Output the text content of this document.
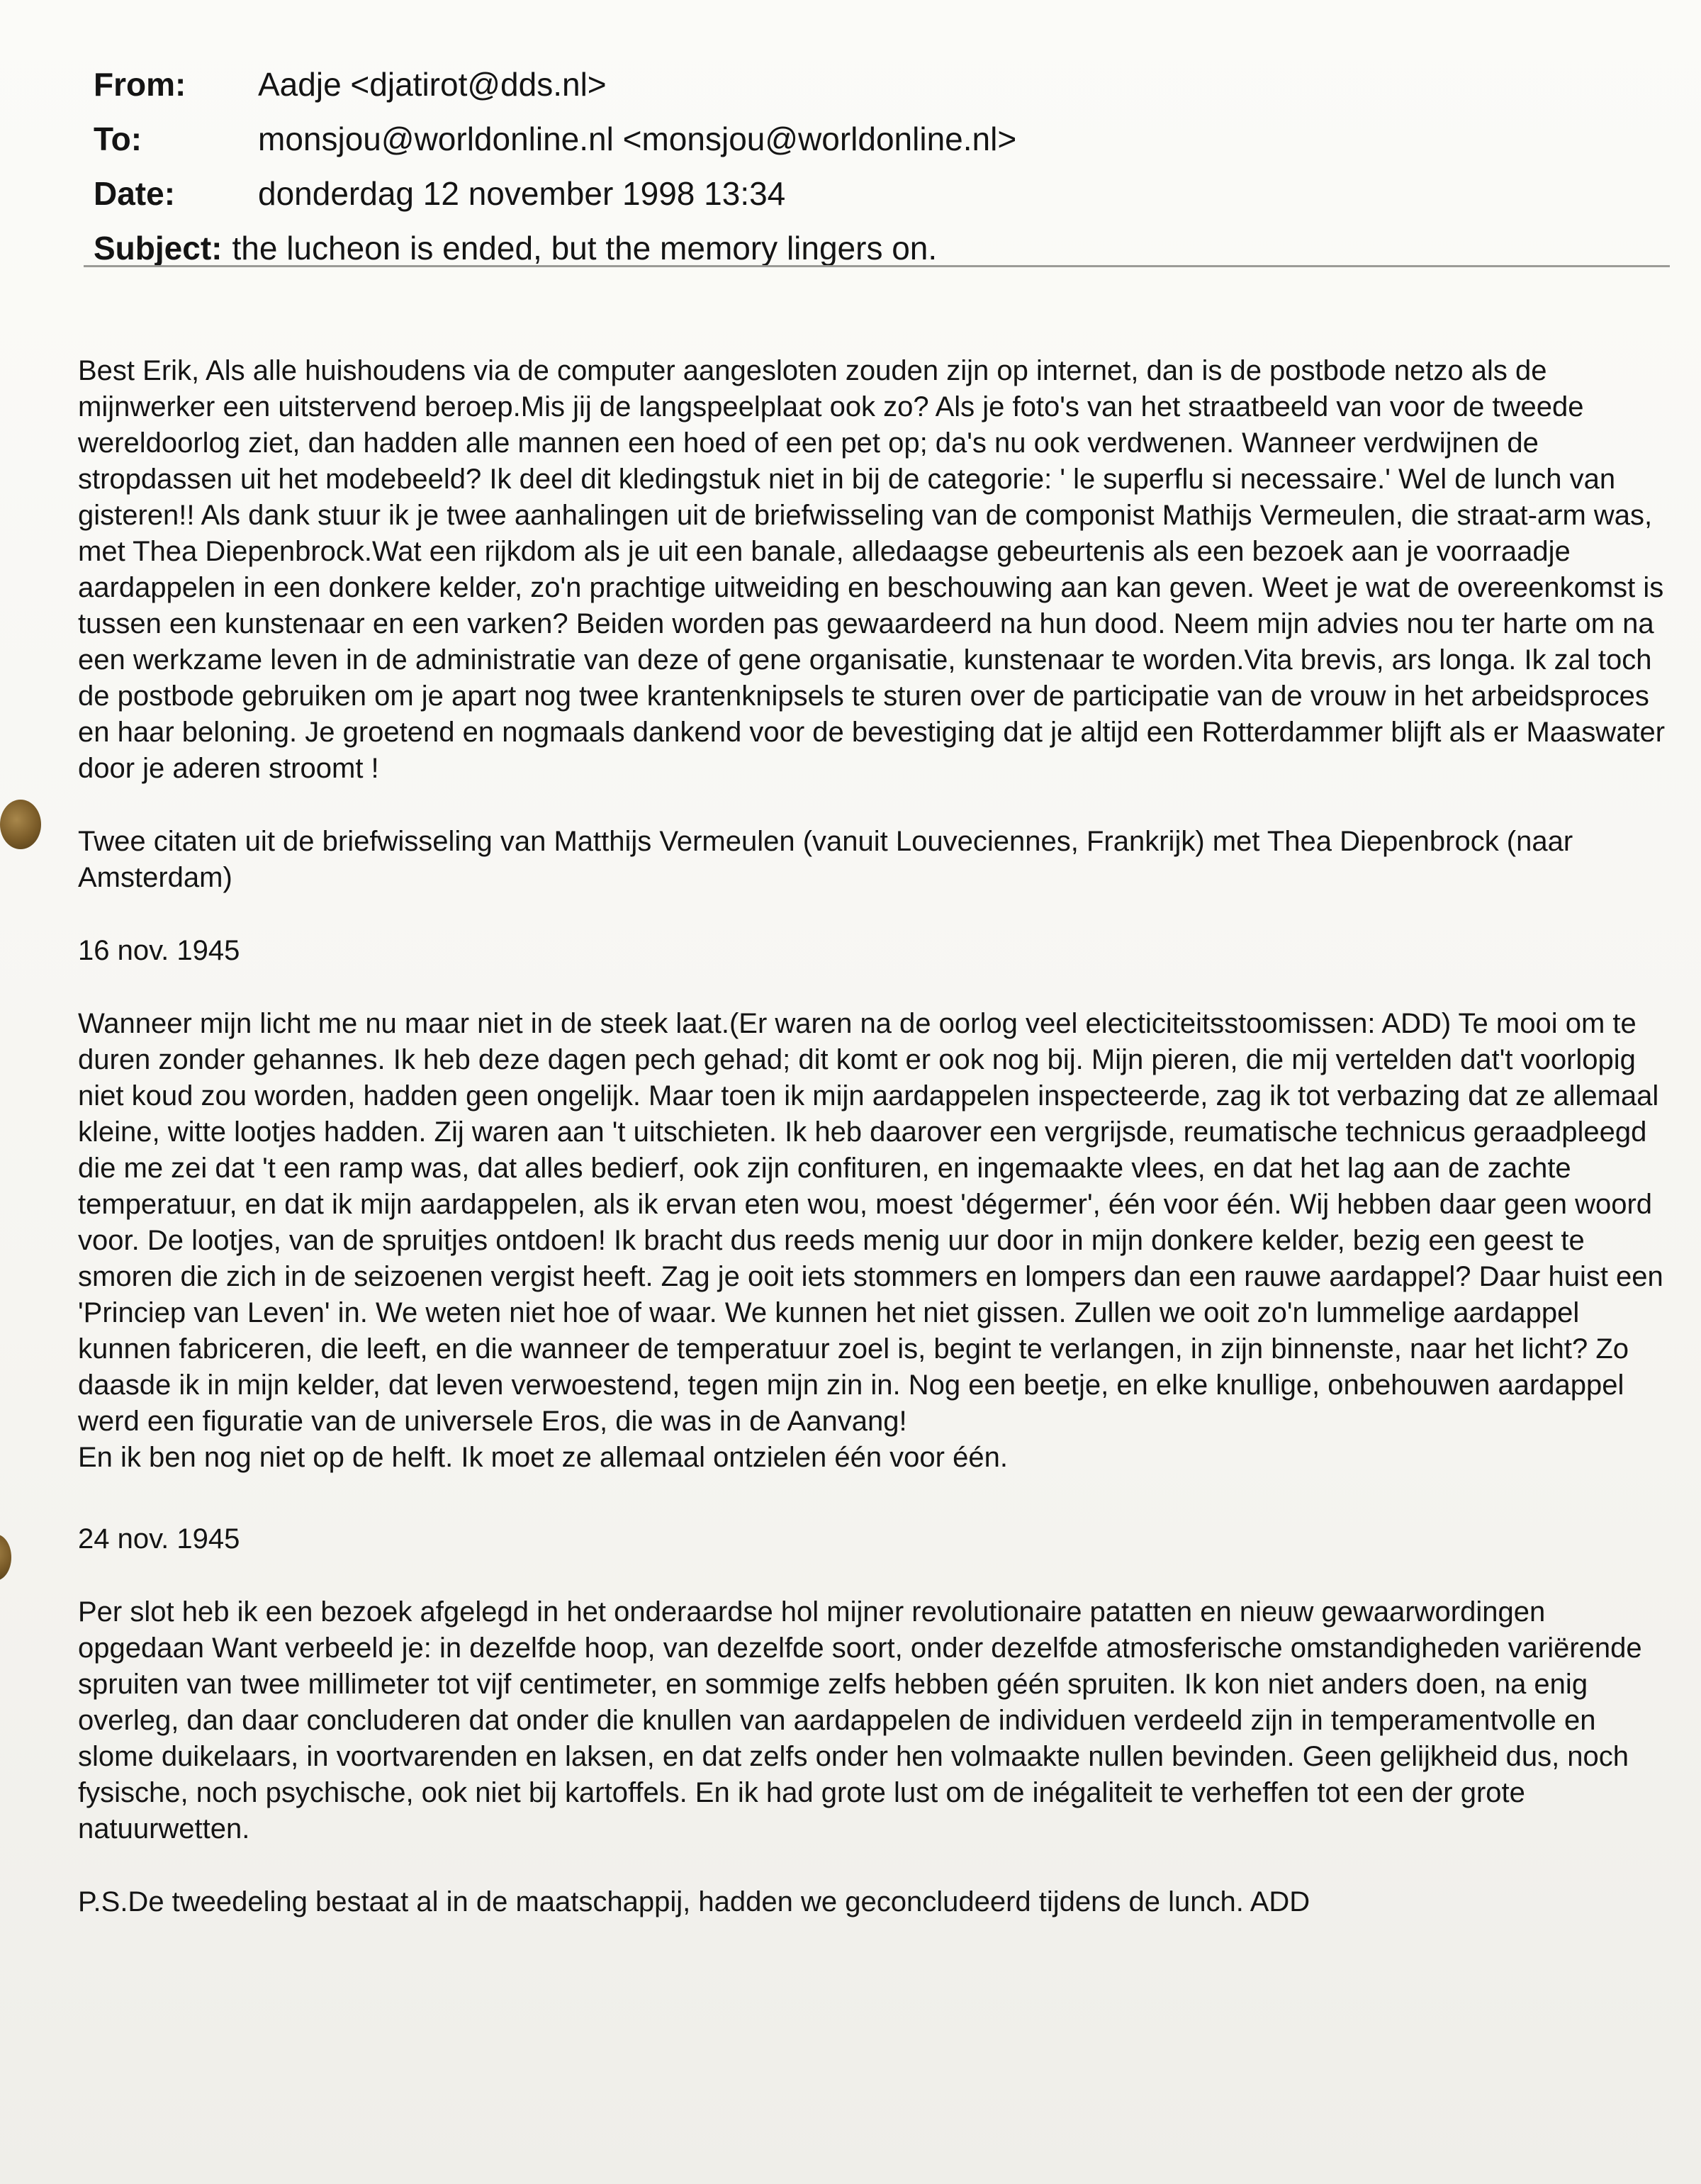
From:	Aadje <djatirot@dds.nl>
To:	monsjou@worldonline.nl <monsjou@worldonline.nl>
Date:	donderdag 12 november 1998 13:34
Subject: the lucheon is ended, but the memory lingers on.

Best Erik, Als alle huishoudens via de computer aangesloten zouden zijn op internet, dan is de postbode netzo als de mijnwerker een uitstervend beroep.Mis jij de langspeelplaat ook zo? Als je foto's van het straatbeeld van voor de tweede wereldoorlog ziet, dan hadden alle mannen een hoed of een pet op; da's nu ook verdwenen. Wanneer verdwijnen de stropdassen uit het modebeeld? Ik deel dit kledingstuk niet in bij de categorie: ' le superflu si necessaire.' Wel de lunch van gisteren!! Als dank stuur ik je twee aanhalingen uit de briefwisseling van de componist Mathijs Vermeulen, die straat-arm was, met Thea Diepenbrock.Wat een rijkdom als je uit een banale, alledaagse gebeurtenis als een bezoek aan je voorraadje aardappelen in een donkere kelder, zo'n prachtige uitweiding en beschouwing aan kan geven. Weet je wat de overeenkomst is tussen een kunstenaar en een varken? Beiden worden pas gewaardeerd na hun dood. Neem mijn advies nou ter harte om na een werkzame leven in de administratie van deze of gene organisatie, kunstenaar te worden.Vita brevis, ars longa. Ik zal toch de postbode gebruiken om je apart nog twee krantenknipsels te sturen over de participatie van de vrouw in het arbeidsproces en haar beloning. Je groetend en nogmaals dankend voor de bevestiging dat je altijd een Rotterdammer blijft als er Maaswater door je aderen stroomt !

Twee citaten uit de briefwisseling van Matthijs Vermeulen (vanuit Louveciennes, Frankrijk) met Thea Diepenbrock (naar Amsterdam)

16 nov. 1945

Wanneer mijn licht me nu maar niet in de steek laat.(Er waren na de oorlog veel electiciteitsstoomissen: ADD) Te mooi om te duren zonder gehannes. Ik heb deze dagen pech gehad; dit komt er ook nog bij. Mijn pieren, die mij vertelden dat't voorlopig niet koud zou worden, hadden geen ongelijk. Maar toen ik mijn aardappelen inspecteerde, zag ik tot verbazing dat ze allemaal kleine, witte lootjes hadden. Zij waren aan 't uitschieten. Ik heb daarover een vergrijsde, reumatische technicus geraadpleegd die me zei dat 't een ramp was, dat alles bedierf, ook zijn confituren, en ingemaakte vlees, en dat het lag aan de zachte temperatuur, en dat ik mijn aardappelen, als ik ervan eten wou, moest 'dégermer', één voor één. Wij hebben daar geen woord voor. De lootjes, van de spruitjes ontdoen! Ik bracht dus reeds menig uur door in mijn donkere kelder, bezig een geest te smoren die zich in de seizoenen vergist heeft. Zag je ooit iets stommers en lompers dan een rauwe aardappel? Daar huist een 'Princiep van Leven' in. We weten niet hoe of waar. We kunnen het niet gissen. Zullen we ooit zo'n lummelige aardappel kunnen fabriceren, die leeft, en die wanneer de temperatuur zoel is, begint te verlangen, in zijn binnenste, naar het licht? Zo daasde ik in mijn kelder, dat leven verwoestend, tegen mijn zin in. Nog een beetje, en elke knullige, onbehouwen aardappel werd een figuratie van de universele Eros, die was in de Aanvang!

En ik ben nog niet op de helft. Ik moet ze allemaal ontzielen één voor één.

24 nov. 1945

Per slot heb ik een bezoek afgelegd in het onderaardse hol mijner revolutionaire patatten en nieuw gewaarwordingen opgedaan Want verbeeld je: in dezelfde hoop, van dezelfde soort, onder dezelfde atmosferische omstandigheden variërende spruiten van twee millimeter tot vijf centimeter, en sommige zelfs hebben géén spruiten. Ik kon niet anders doen, na enig overleg, dan daar concluderen dat onder die knullen van aardappelen de individuen verdeeld zijn in temperamentvolle en slome duikelaars, in voortvarenden en laksen, en dat zelfs onder hen volmaakte nullen bevinden. Geen gelijkheid dus, noch fysische, noch psychische, ook niet bij kartoffels. En ik had grote lust om de inégaliteit te verheffen tot een der grote natuurwetten.

P.S.De tweedeling bestaat al in de maatschappij, hadden we geconcludeerd tijdens de lunch. ADD
